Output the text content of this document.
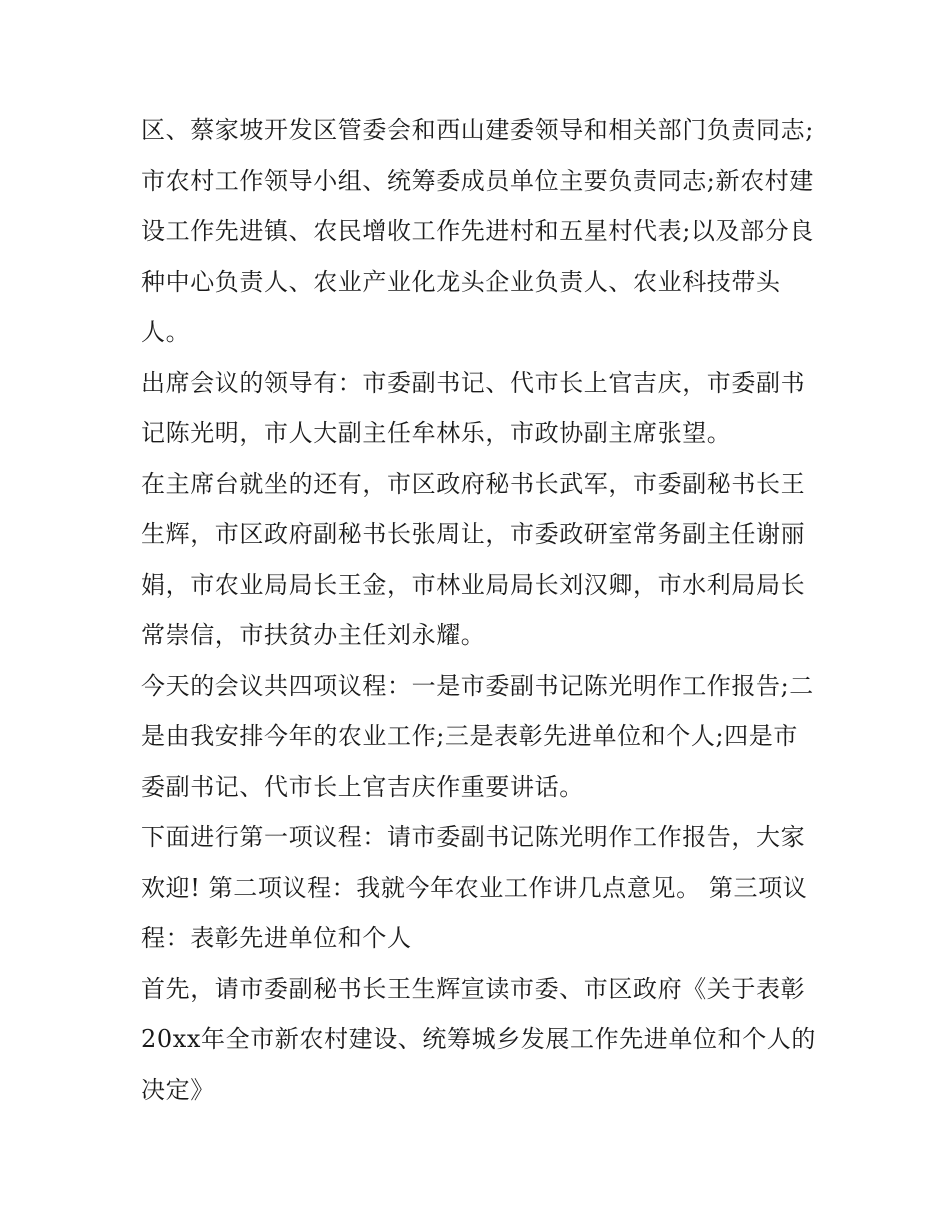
区、蔡家坡开发区管委会和西山建委领导和相关部门负责同志;市农村工作领导小组、统筹委成员单位主要负责同志;新农村建设工作先进镇、农民增收工作先进村和五星村代表;以及部分良种中心负责人、农业产业化龙头企业负责人、农业科技带头人。

出席会议的领导有：市委副书记、代市长上官吉庆，市委副书记陈光明，市人大副主任牟林乐，市政协副主席张望。

在主席台就坐的还有，市区政府秘书长武军，市委副秘书长王生辉，市区政府副秘书长张周让，市委政研室常务副主任谢丽娟，市农业局局长王金，市林业局局长刘汉卿，市水利局局长常崇信，市扶贫办主任刘永耀。

今天的会议共四项议程：一是市委副书记陈光明作工作报告;二是由我安排今年的农业工作;三是表彰先进单位和个人;四是市委副书记、代市长上官吉庆作重要讲话。

下面进行第一项议程：请市委副书记陈光明作工作报告，大家欢迎! 第二项议程：我就今年农业工作讲几点意见。 第三项议程：表彰先进单位和个人

首先，请市委副秘书长王生辉宣读市委、市区政府《关于表彰20xx年全市新农村建设、统筹城乡发展工作先进单位和个人的决定》
